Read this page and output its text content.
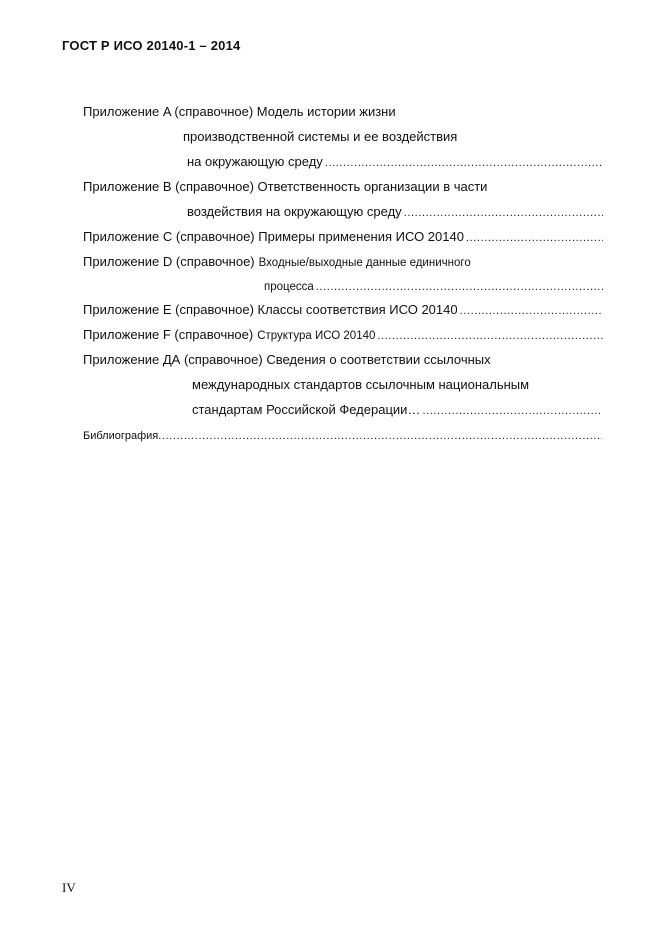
ГОСТ Р ИСО 20140-1 – 2014
Приложение A (справочное) Модель истории жизни
производственной системы и ее воздействия
на окружающую среду
.....
Приложение B (справочное) Ответственность организации в части
воздействия на окружающую среду
.....
Приложение C (справочное) Примеры применения ИСО 20140
.....
Приложение D (справочное) Входные/выходные данные единичного
процесса
.....
Приложение E (справочное) Классы соответствия ИСО 20140
.....
Приложение F (справочное) Структура ИСО 20140
.....
Приложение ДА (справочное) Сведения о соответствии ссылочных
международных стандартов ссылочным национальным
стандартам Российской Федерации…
.....
Библиография
.....
IV
